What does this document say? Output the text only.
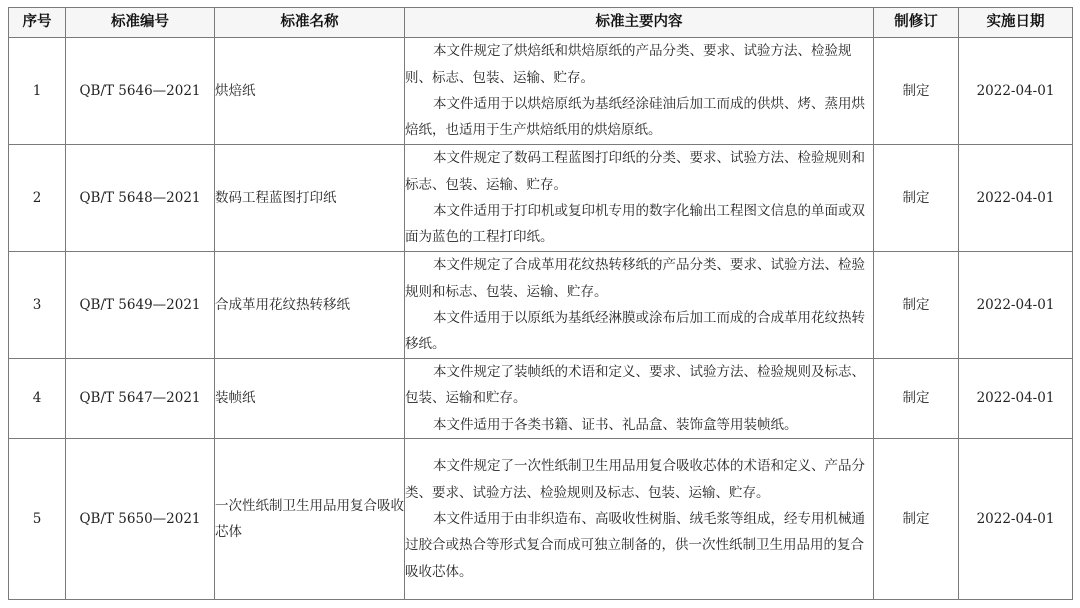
序号	标准编号	标准名称	标准主要内容	制修订	实施日期
1	QB/T 5646—2021	烘焙纸	本文件规定了烘焙纸和烘焙原纸的产品分类、要求、试验方法、检验规则、标志、包装、运输、贮存。

本文件适用于以烘焙原纸为基纸经涂硅油后加工而成的供烘、烤、蒸用烘焙纸，也适用于生产烘焙纸用的烘焙原纸。	制定	2022-04-01
2	QB/T 5648—2021	数码工程蓝图打印纸	本文件规定了数码工程蓝图打印纸的分类、要求、试验方法、检验规则和标志、包装、运输、贮存。

本文件适用于打印机或复印机专用的数字化输出工程图文信息的单面或双面为蓝色的工程打印纸。	制定	2022-04-01
3	QB/T 5649—2021	合成革用花纹热转移纸	本文件规定了合成革用花纹热转移纸的产品分类、要求、试验方法、检验规则和标志、包装、运输、贮存。

本文件适用于以原纸为基纸经淋膜或涂布后加工而成的合成革用花纹热转移纸。	制定	2022-04-01
4	QB/T 5647—2021	装帧纸	本文件规定了装帧纸的术语和定义、要求、试验方法、检验规则及标志、包装、运输和贮存。

本文件适用于各类书籍、证书、礼品盒、装饰盒等用装帧纸。	制定	2022-04-01
5	QB/T 5650—2021	一次性纸制卫生用品用复合吸收芯体	本文件规定了一次性纸制卫生用品用复合吸收芯体的术语和定义、产品分类、要求、试验方法、检验规则及标志、包装、运输、贮存。

本文件适用于由非织造布、高吸收性树脂、绒毛浆等组成，经专用机械通过胶合或热合等形式复合而成可独立制备的，供一次性纸制卫生用品用的复合吸收芯体。	制定	2022-04-01
